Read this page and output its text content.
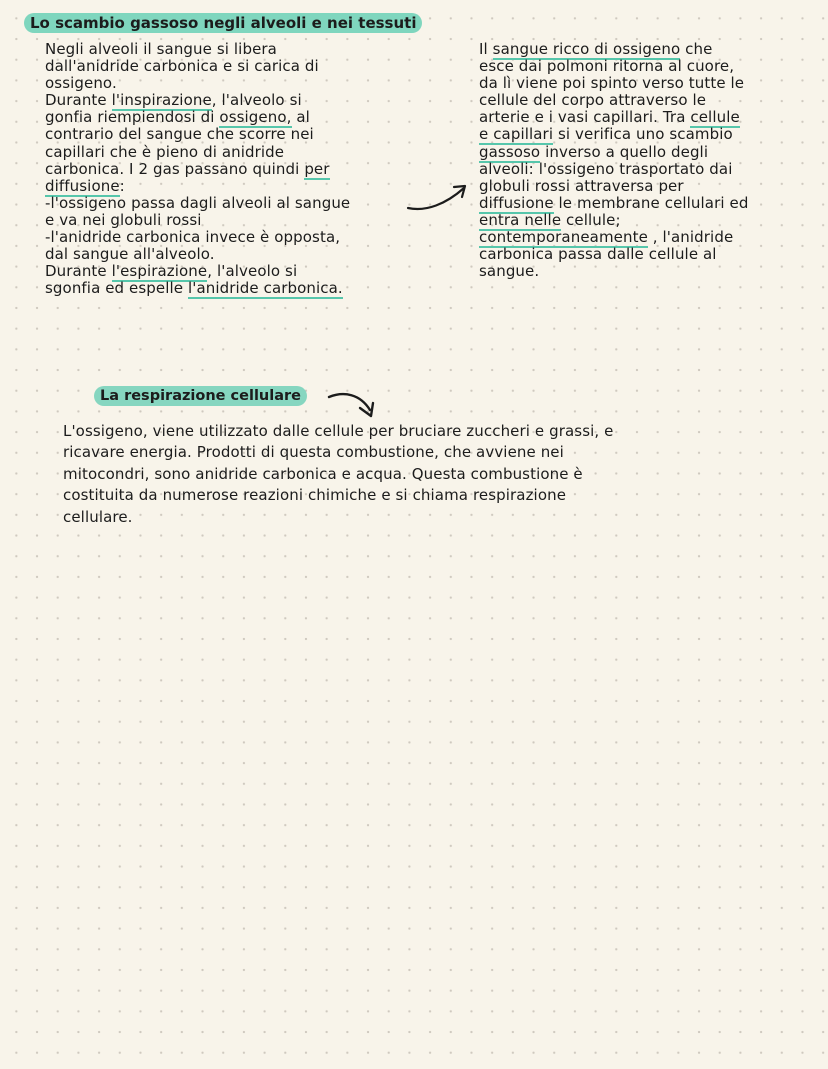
Lo scambio gassoso negli alveoli e nei tessuti

Negli alveoli il sangue si libera

dall'anidride carbonica e si carica di

ossigeno.

Durante l'inspirazione, l'alveolo si

gonfia riempiendosi di ossigeno, al

contrario del sangue che scorre nei

capillari che è pieno di anidride

carbonica. I 2 gas passano quindi per

diffusione:

-l'ossigeno passa dagli alveoli al sangue

e va nei globuli rossi

-l'anidride carbonica invece è opposta,

dal sangue all'alveolo.

Durante l'espirazione, l'alveolo si

sgonfia ed espelle l'anidride carbonica.

Il sangue ricco di ossigeno che

esce dai polmoni ritorna al cuore,

da lì viene poi spinto verso tutte le

cellule del corpo attraverso le

arterie e i vasi capillari. Tra cellule

e capillari si verifica uno scambio

gassoso inverso a quello degli

alveoli: l'ossigeno trasportato dai

globuli rossi attraversa per

diffusione le membrane cellulari ed

entra nelle cellule;

contemporaneamente , l'anidride

carbonica passa dalle cellule al

sangue.

La respirazione cellulare

L'ossigeno, viene utilizzato dalle cellule per bruciare zuccheri e grassi, e

ricavare energia. Prodotti di questa combustione, che avviene nei

mitocondri, sono anidride carbonica e acqua. Questa combustione è

costituita da numerose reazioni chimiche e si chiama respirazione

cellulare.
